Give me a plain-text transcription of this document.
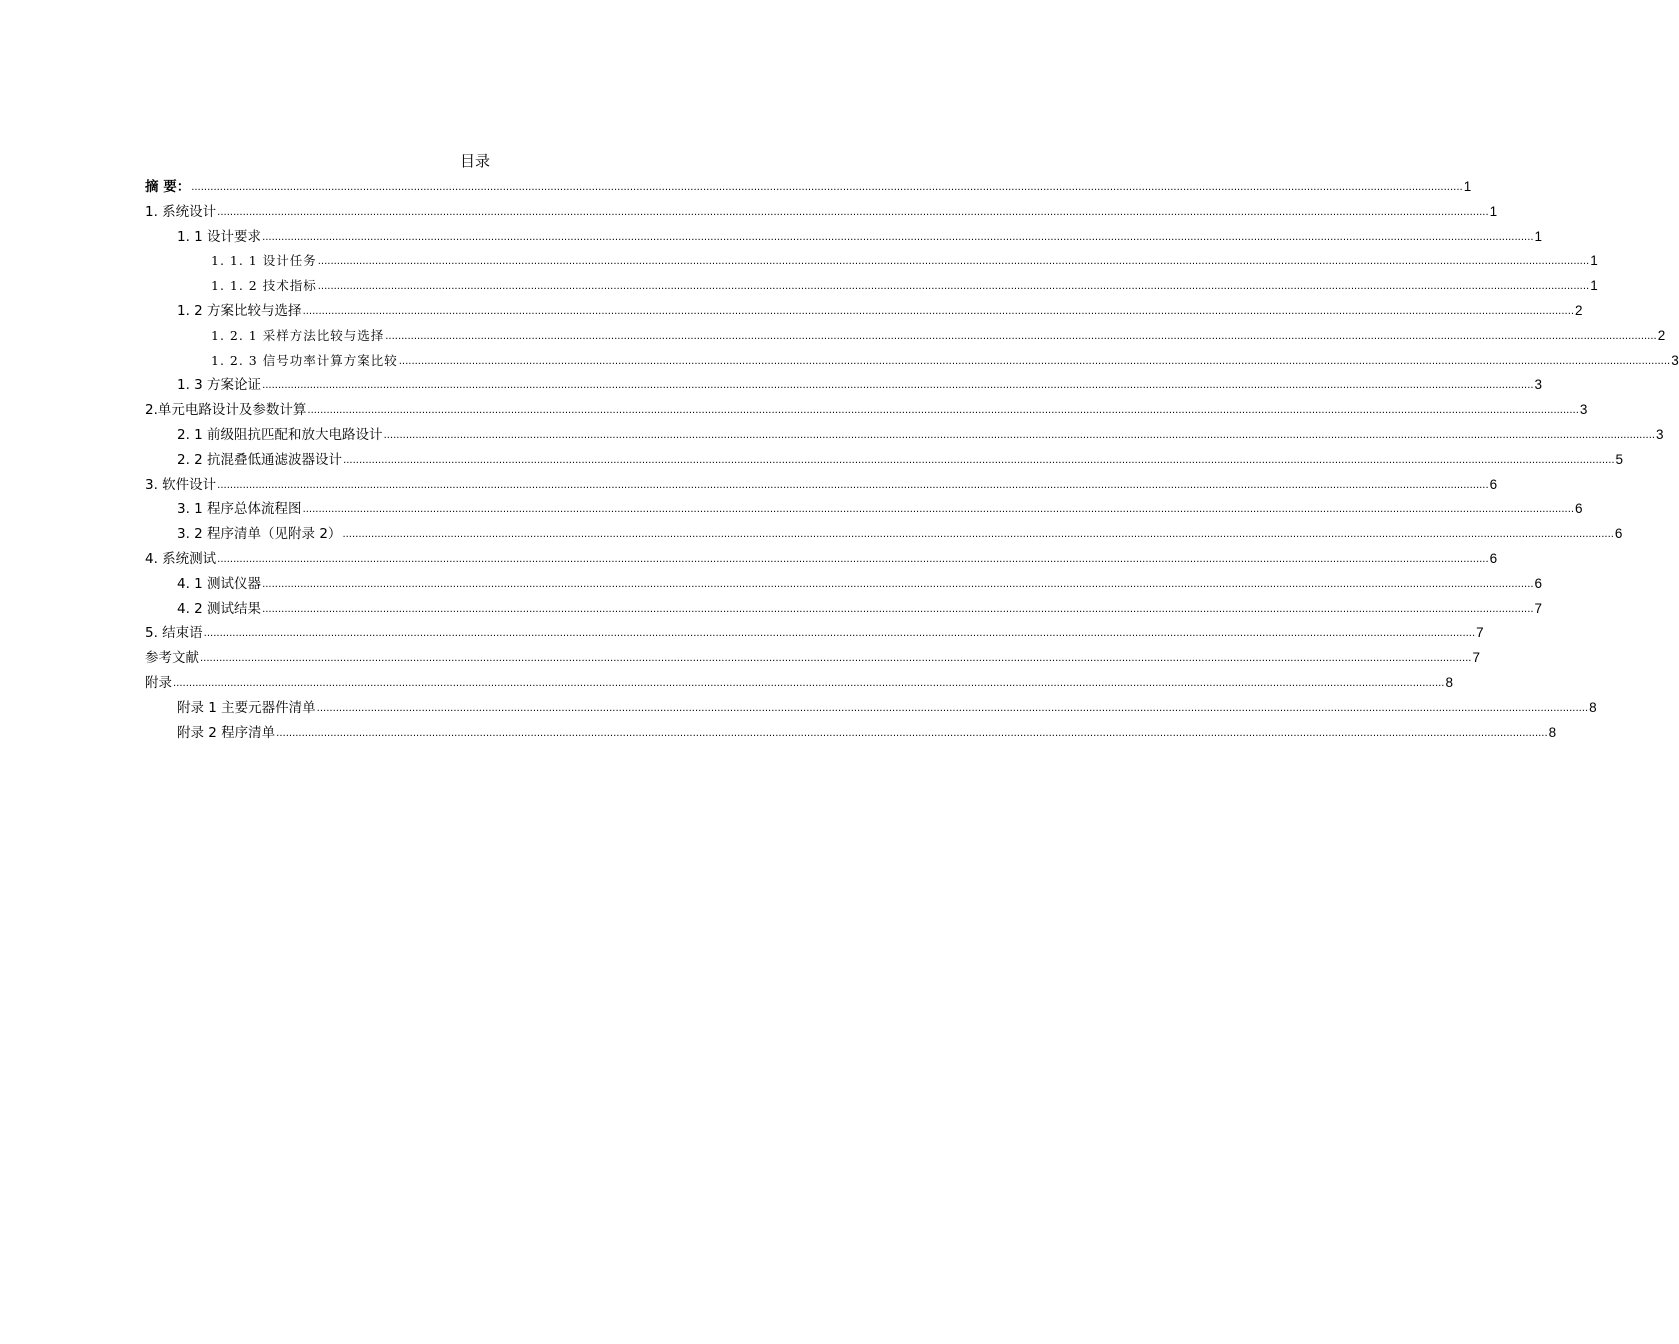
目录
摘 要： ................................................................................................................................................................................................................................................................................................................................................................................................................ 1
1. 系统设计 ................................................................................................................................................................................................................................................................................................................................................................................................................ 1
1. 1 设计要求 ................................................................................................................................................................................................................................................................................................................................................................................................................ 1
1. 1. 1 设计任务 ................................................................................................................................................................................................................................................................................................................................................................................................................ 1
1. 1. 2 技术指标 ................................................................................................................................................................................................................................................................................................................................................................................................................ 1
1. 2 方案比较与选择 ................................................................................................................................................................................................................................................................................................................................................................................................................ 2
1. 2. 1 采样方法比较与选择 ................................................................................................................................................................................................................................................................................................................................................................................................................ 2
1. 2. 3 信号功率计算方案比较 ................................................................................................................................................................................................................................................................................................................................................................................................................ 3
1. 3 方案论证 ................................................................................................................................................................................................................................................................................................................................................................................................................ 3
2.单元电路设计及参数计算 ................................................................................................................................................................................................................................................................................................................................................................................................................ 3
2. 1 前级阻抗匹配和放大电路设计 ................................................................................................................................................................................................................................................................................................................................................................................................................ 3
2. 2 抗混叠低通滤波器设计 ................................................................................................................................................................................................................................................................................................................................................................................................................ 5
3. 软件设计 ................................................................................................................................................................................................................................................................................................................................................................................................................ 6
3. 1 程序总体流程图 ................................................................................................................................................................................................................................................................................................................................................................................................................ 6
3. 2 程序清单（见附录 2） ................................................................................................................................................................................................................................................................................................................................................................................................................ 6
4. 系统测试 ................................................................................................................................................................................................................................................................................................................................................................................................................ 6
4. 1 测试仪器 ................................................................................................................................................................................................................................................................................................................................................................................................................ 6
4. 2 测试结果 ................................................................................................................................................................................................................................................................................................................................................................................................................ 7
5. 结束语 ................................................................................................................................................................................................................................................................................................................................................................................................................ 7
参考文献 ................................................................................................................................................................................................................................................................................................................................................................................................................ 7
附录 ................................................................................................................................................................................................................................................................................................................................................................................................................ 8
附录 1 主要元器件清单 ................................................................................................................................................................................................................................................................................................................................................................................................................ 8
附录 2 程序清单 ................................................................................................................................................................................................................................................................................................................................................................................................................ 8
